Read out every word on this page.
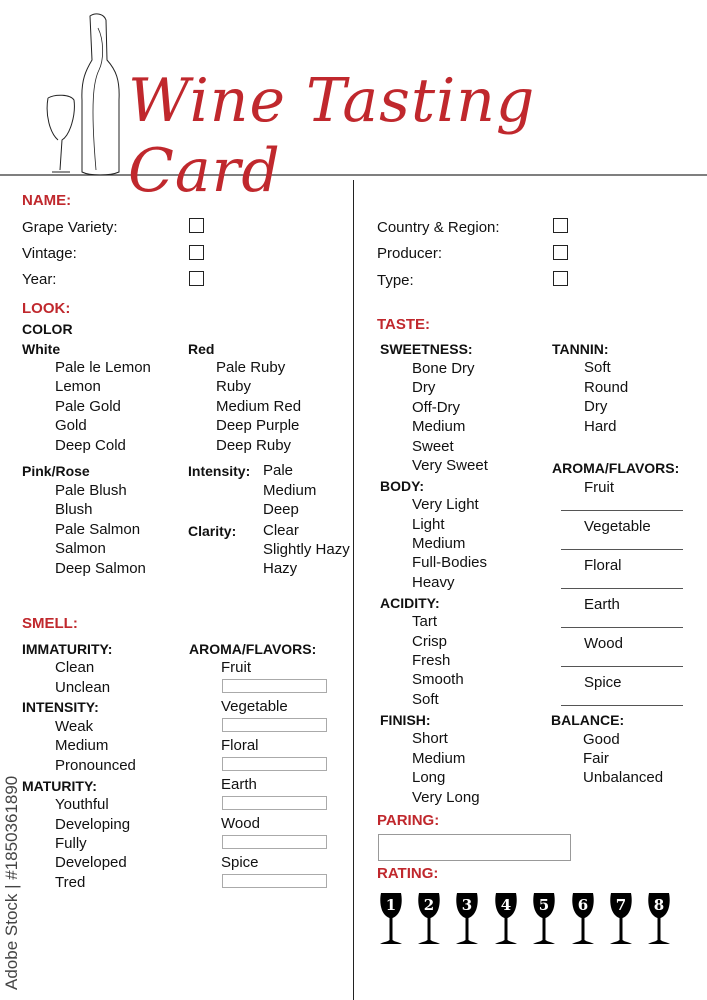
Wine Tasting Card
Adobe Stock | #1850361890
NAME:
Grape Variety:
Vintage:
Year:
Country & Region:
Producer:
Type:
LOOK:
COLOR
White
Pale le Lemon
Lemon
Pale Gold
Gold
Deep Cold
Red
Pale Ruby
Ruby
Medium Red
Deep Purple
Deep Ruby
Pink/Rose
Pale Blush
Blush
Pale Salmon
Salmon
Deep Salmon
Intensity: Pale
Medium
Deep
Clarity: Clear
Slightly Hazy
Hazy
SMELL:
IMMATURITY:
Clean
Unclean
INTENSITY:
Weak
Medium
Pronounced
MATURITY:
Youthful
Developing
Fully
Developed
Tred
AROMA/FLAVORS:
Fruit
Vegetable
Floral
Earth
Wood
Spice
TASTE:
SWEETNESS:
Bone Dry
Dry
Off-Dry
Medium
Sweet
Very Sweet
BODY:
Very Light
Light
Medium
Full-Bodies
Heavy
ACIDITY:
Tart
Crisp
Fresh
Smooth
Soft
FINISH:
Short
Medium
Long
Very Long
TANNIN:
Soft
Round
Dry
Hard
AROMA/FLAVORS:
Fruit
Vegetable
Floral
Earth
Wood
Spice
BALANCE:
Good
Fair
Unbalanced
PARING:
RATING:
1	2	3	4	5	6	7	8
